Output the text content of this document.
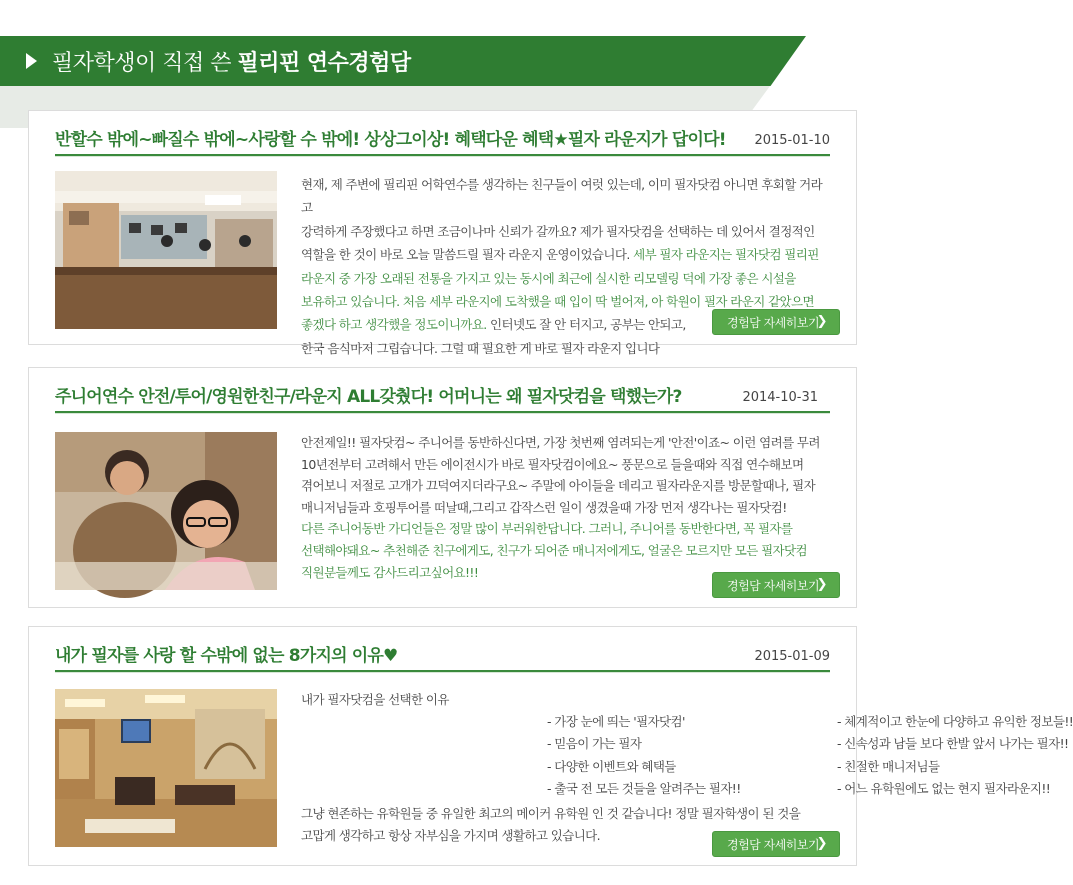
필자학생이 직접 쓴 필리핀 연수경험담
반할수 밖에~빠질수 밖에~사랑할 수 밖에! 상상그이상! 혜택다운 혜택★필자 라운지가 답이다! 2015-01-10
현재, 제 주변에 필리핀 어학연수를 생각하는 친구들이 여럿 있는데, 이미 필자닷컴 아니면 후회할 거라고
강력하게 주장했다고 하면 조금이나마 신뢰가 갈까요? 제가 필자닷컴을 선택하는 데 있어서 결정적인
역할을 한 것이 바로 오늘 말씀드릴 필자 라운지 운영이었습니다. 세부 필자 라운지는 필자닷컴 필리핀
라운지 중 가장 오래된 전통을 가지고 있는 동시에 최근에 실시한 리모델링 덕에 가장 좋은 시설을
보유하고 있습니다. 처음 세부 라운지에 도착했을 때 입이 딱 벌어져, 아 학원이 필자 라운지 같았으면
좋겠다 하고 생각했을 정도이니까요. 인터넷도 잘 안 터지고, 공부는 안되고,
한국 음식마저 그립습니다. 그럴 때 필요한 게 바로 필자 라운지 입니다
경험담 자세히보기
❯
주니어연수 안전/투어/영원한친구/라운지 ALL갖췄다! 어머니는 왜 필자닷컴을 택했는가?	2014-10-31
안전제일!! 필자닷컴~ 주니어를 동반하신다면, 가장 첫번째 염려되는게 '안전'이죠~ 이런 염려를 무려
10년전부터 고려해서 만든 에이전시가 바로 필자닷컴이에요~ 풍문으로 들을때와 직접 연수해보며
겪어보니 저절로 고개가 끄덕여지더라구요~ 주말에 아이들을 데리고 필자라운지를 방문할때나, 필자
매니저님들과 호핑투어를 떠날때,그리고 갑작스런 일이 생겼을때 가장 먼저 생각나는 필자닷컴!
다른 주니어동반 가디언들은 정말 많이 부러워한답니다. 그러니, 주니어를 동반한다면, 꼭 필자를
선택해야돼요~ 추천해준 친구에게도, 친구가 되어준 매니저에게도, 얼굴은 모르지만 모든 필자닷컴
직원분들께도 감사드리고싶어요!!!
경험담 자세히보기
❯
내가 필자를 사랑 할 수밖에 없는 8가지의 이유♥	2015-01-09
내가 필자닷컴을 선택한 이유
- 가장 눈에 띄는 '필자닷컴'
- 믿음이 가는 필자
- 다양한 이벤트와 혜택들
- 출국 전 모든 것들을 알려주는 필자!!
- 체계적이고 한눈에 다양하고 유익한 정보들!!
- 신속성과 남들 보다 한발 앞서 나가는 필자!!
- 친절한 매니저님들
- 어느 유학원에도 없는 현지 필자라운지!!
그냥 현존하는 유학원들 중 유일한 최고의 메이커 유학원 인 것 같습니다! 정말 필자학생이 된 것을
고맙게 생각하고 항상 자부심을 가지며 생활하고 있습니다.
경험담 자세히보기
❯
